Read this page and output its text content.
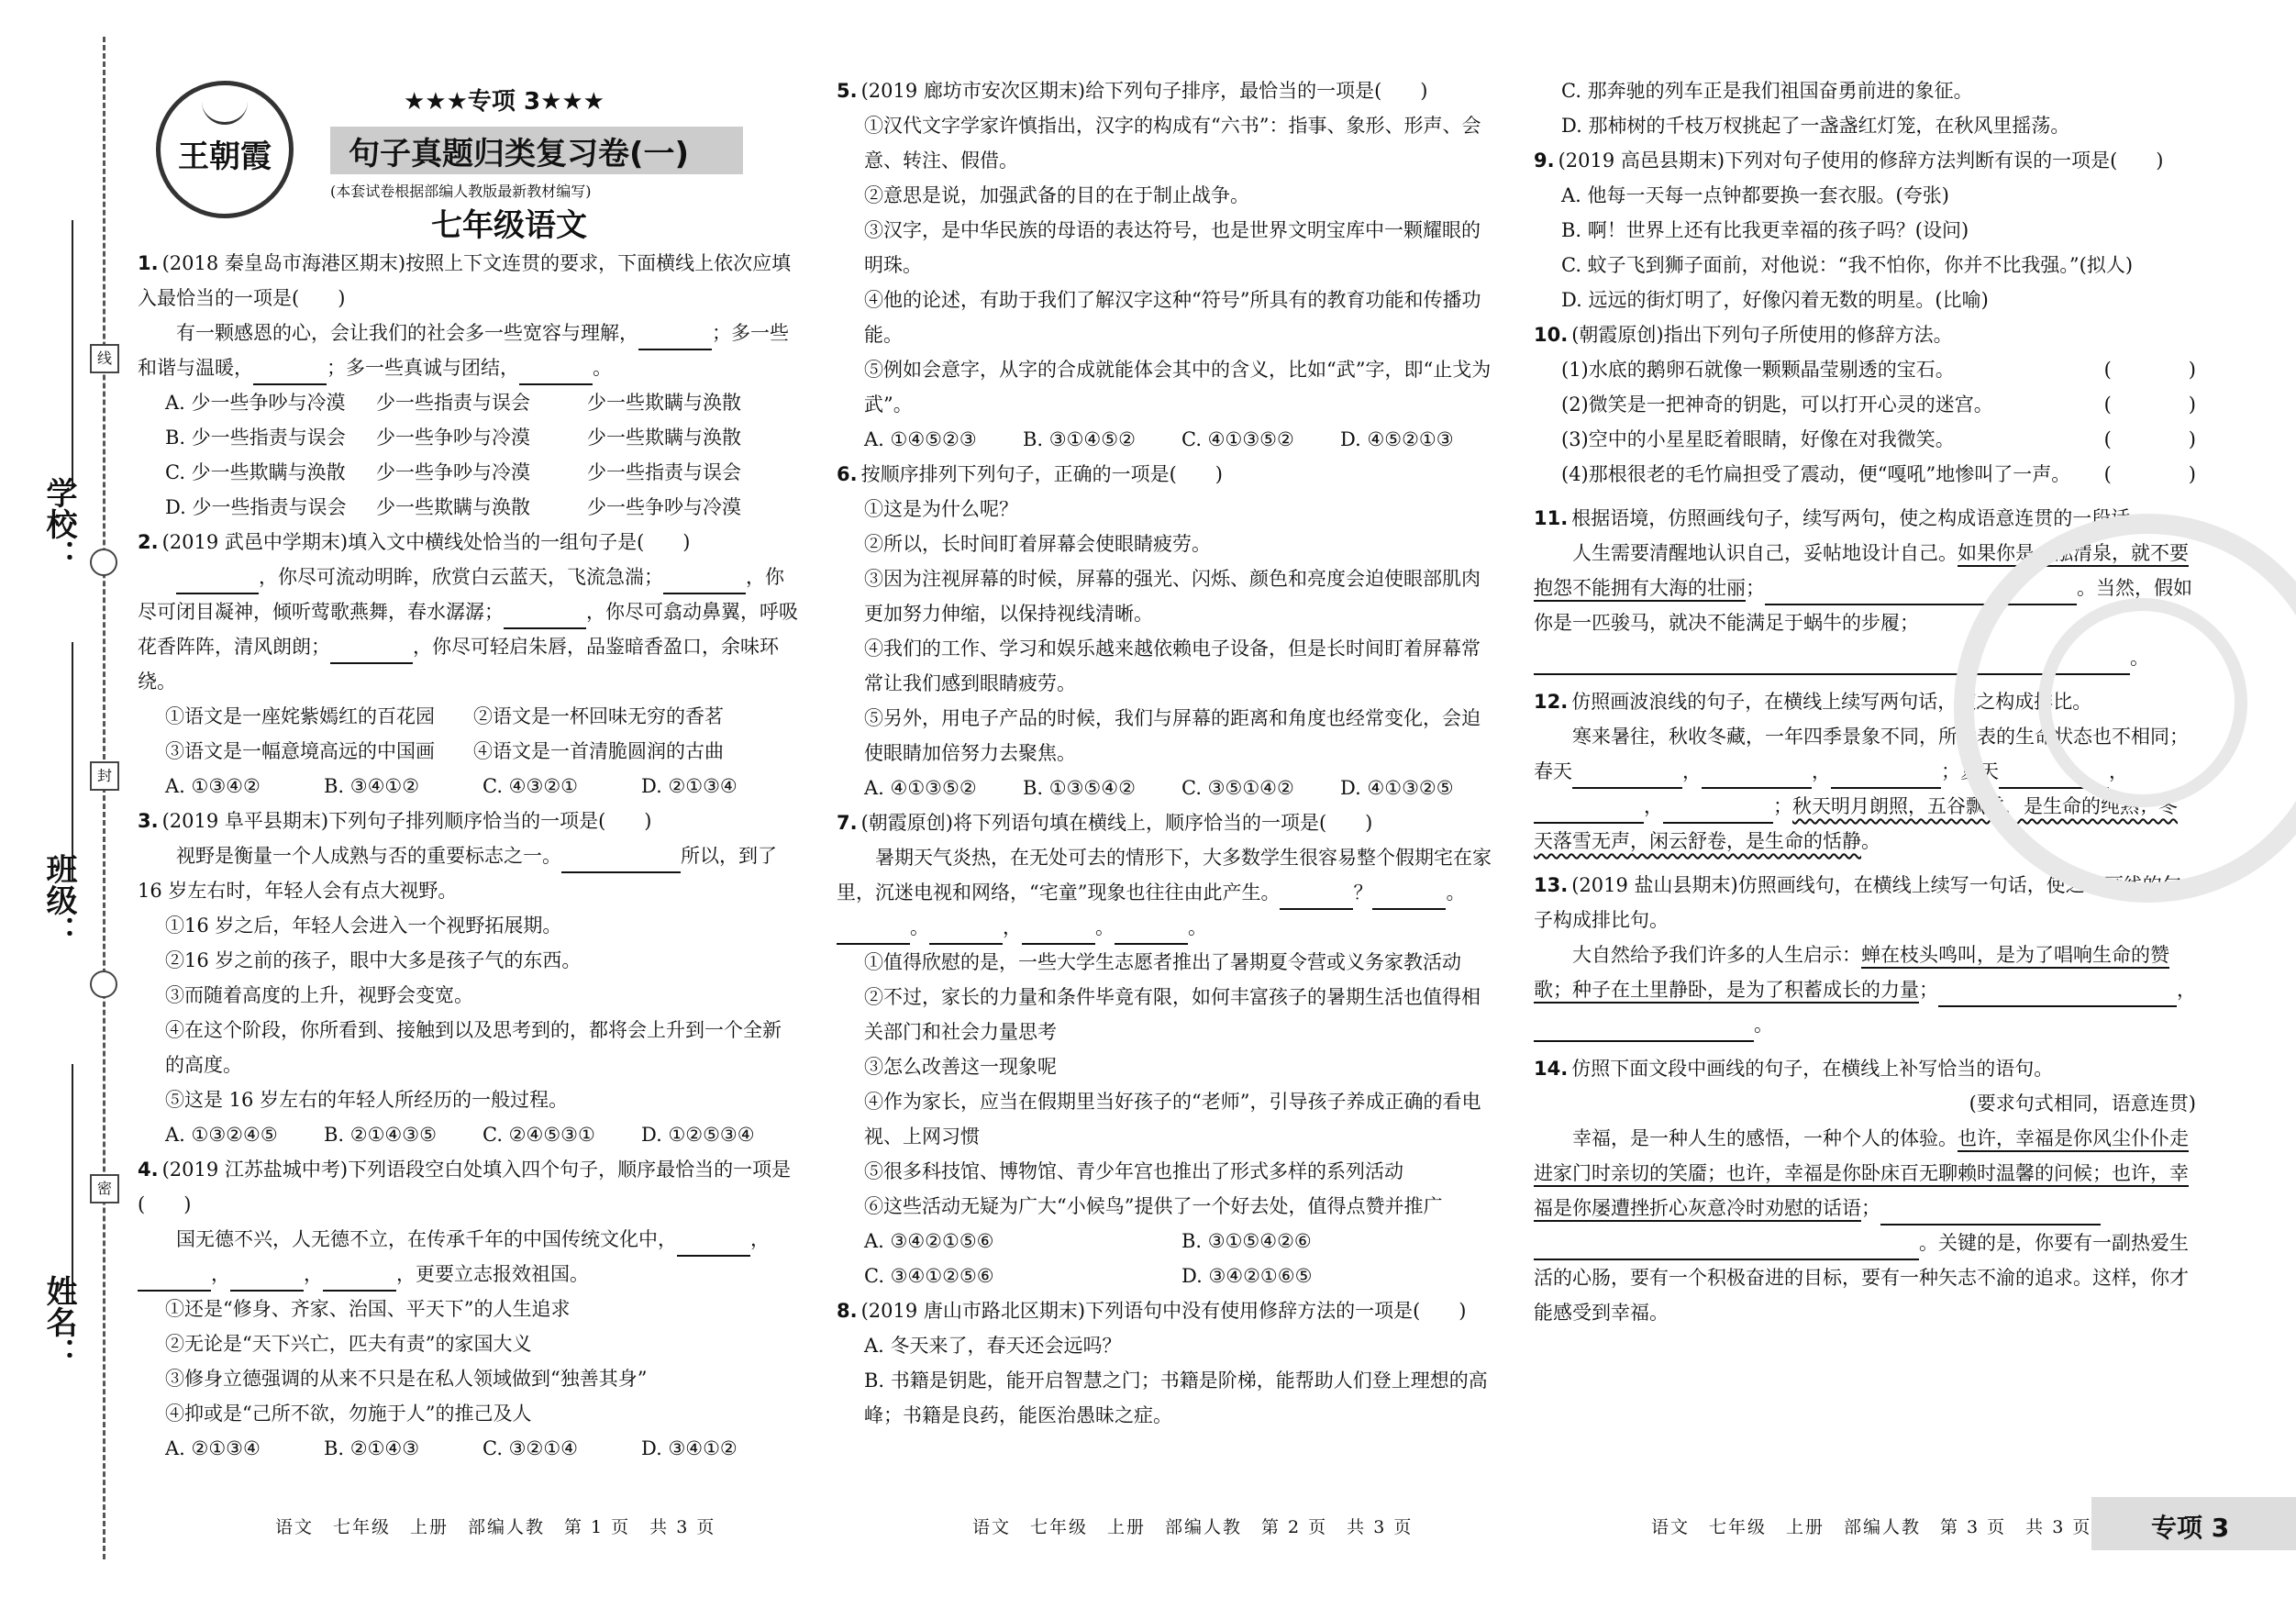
线
封
密
学校：
班级：
姓名：
王朝霞
★★★专项 3★★★
句子真题归类复习卷(一)
(本套试卷根据部编人教版最新教材编写)
七年级语文

1. (2018 秦皇岛市海港区期末)按照上下文连贯的要求，下面横线上依次应填入最恰当的一项是(　　)

有一颗感恩的心，会让我们的社会多一些宽容与理解，	；多一些和谐与温暖，	；多一些真诚与团结，	。

A. 少一些争吵与冷漠	少一些指责与误会	少一些欺瞒与涣散
B. 少一些指责与误会	少一些争吵与冷漠	少一些欺瞒与涣散
C. 少一些欺瞒与涣散	少一些争吵与冷漠	少一些指责与误会
D. 少一些指责与误会	少一些欺瞒与涣散	少一些争吵与冷漠

2. (2019 武邑中学期末)填入文中横线处恰当的一组句子是(　　)

，你尽可流动明眸，欣赏白云蓝天，飞流急湍；	，你尽可闭目凝神，倾听莺歌燕舞，春水潺潺；	，你尽可翕动鼻翼，呼吸花香阵阵，清风朗朗；	，你尽可轻启朱唇，品鉴暗香盈口，余味环绕。

①语文是一座姹紫嫣红的百花园　　②语文是一杯回味无穷的香茗

③语文是一幅意境高远的中国画　　④语文是一首清脆圆润的古曲

A. ①③④②	B. ③④①②	C. ④③②①	D. ②①③④

3. (2019 阜平县期末)下列句子排列顺序恰当的一项是(　　)

视野是衡量一个人成熟与否的重要标志之一。	所以，到了 16 岁左右时，年轻人会有点大视野。

①16 岁之后，年轻人会进入一个视野拓展期。

②16 岁之前的孩子，眼中大多是孩子气的东西。

③而随着高度的上升，视野会变宽。

④在这个阶段，你所看到、接触到以及思考到的，都将会上升到一个全新的高度。

⑤这是 16 岁左右的年轻人所经历的一般过程。

A. ①③②④⑤	B. ②①④③⑤	C. ②④⑤③①	D. ①②⑤③④

4. (2019 江苏盐城中考)下列语段空白处填入四个句子，顺序最恰当的一项是(　　)

国无德不兴，人无德不立，在传承千年的中国传统文化中，	，，	，	，更要立志报效祖国。

①还是“修身、齐家、治国、平天下”的人生追求

②无论是“天下兴亡，匹夫有责”的家国大义

③修身立德强调的从来不只是在私人领域做到“独善其身”

④抑或是“己所不欲，勿施于人”的推己及人

A. ②①③④	B. ②①④③	C. ③②①④	D. ③④①②

5. (2019 廊坊市安次区期末)给下列句子排序，最恰当的一项是(　　)

①汉代文字学家许慎指出，汉字的构成有“六书”：指事、象形、形声、会意、转注、假借。

②意思是说，加强武备的目的在于制止战争。

③汉字，是中华民族的母语的表达符号，也是世界文明宝库中一颗耀眼的明珠。

④他的论述，有助于我们了解汉字这种“符号”所具有的教育功能和传播功能。

⑤例如会意字，从字的合成就能体会其中的含义，比如“武”字，即“止戈为武”。

A. ①④⑤②③	B. ③①④⑤②	C. ④①③⑤②	D. ④⑤②①③

6. 按顺序排列下列句子，正确的一项是(　　)

①这是为什么呢？

②所以，长时间盯着屏幕会使眼睛疲劳。

③因为注视屏幕的时候，屏幕的强光、闪烁、颜色和亮度会迫使眼部肌肉更加努力伸缩，以保持视线清晰。

④我们的工作、学习和娱乐越来越依赖电子设备，但是长时间盯着屏幕常常让我们感到眼睛疲劳。

⑤另外，用电子产品的时候，我们与屏幕的距离和角度也经常变化，会迫使眼睛加倍努力去聚焦。

A. ④①③⑤②	B. ①③⑤④②	C. ③⑤①④②	D. ④①③②⑤

7. (朝霞原创)将下列语句填在横线上，顺序恰当的一项是(　　)

暑期天气炎热，在无处可去的情形下，大多数学生很容易整个假期宅在家里，沉迷电视和网络，“宅童”现象也往往由此产生。	？	。。	，	。	。

①值得欣慰的是，一些大学生志愿者推出了暑期夏令营或义务家教活动

②不过，家长的力量和条件毕竟有限，如何丰富孩子的暑期生活也值得相关部门和社会力量思考

③怎么改善这一现象呢

④作为家长，应当在假期里当好孩子的“老师”，引导孩子养成正确的看电视、上网习惯

⑤很多科技馆、博物馆、青少年宫也推出了形式多样的系列活动

⑥这些活动无疑为广大“小候鸟”提供了一个好去处，值得点赞并推广

A. ③④②①⑤⑥	B. ③①⑤④②⑥
C. ③④①②⑤⑥	D. ③④②①⑥⑤

8. (2019 唐山市路北区期末)下列语句中没有使用修辞方法的一项是(　　)

A. 冬天来了，春天还会远吗？

B. 书籍是钥匙，能开启智慧之门；书籍是阶梯，能帮助人们登上理想的高峰；书籍是良药，能医治愚昧之症。

C. 那奔驰的列车正是我们祖国奋勇前进的象征。

D. 那柿树的千枝万杈挑起了一盏盏红灯笼，在秋风里摇荡。

9. (2019 高邑县期末)下列对句子使用的修辞方法判断有误的一项是(　　)

A. 他每一天每一点钟都要换一套衣服。(夸张)

B. 啊！世界上还有比我更幸福的孩子吗？(设问)

C. 蚊子飞到狮子面前，对他说：“我不怕你，你并不比我强。”(拟人)

D. 远远的街灯明了，好像闪着无数的明星。(比喻)

10. (朝霞原创)指出下列句子所使用的修辞方法。

(1)水底的鹅卵石就像一颗颗晶莹剔透的宝石。	(　　　　)

(2)微笑是一把神奇的钥匙，可以打开心灵的迷宫。	(　　　　)

(3)空中的小星星眨着眼睛，好像在对我微笑。	(　　　　)

(4)那根很老的毛竹扁担受了震动，便“嘎吼”地惨叫了一声。 (　　　　)

11. 根据语境，仿照画线句子，续写两句，使之构成语意连贯的一段话。

人生需要清醒地认识自己，妥帖地设计自己。如果你是一泓清泉，就不要抱怨不能拥有大海的壮丽；	。当然，假如你是一匹骏马，就决不能满足于蜗牛的步履；。

12. 仿照画波浪线的句子，在横线上续写两句话，使之构成排比。

寒来暑往，秋收冬藏，一年四季景象不同，所代表的生命状态也不相同；春天	，	，	；夏天	，，	；秋天明月朗照，五谷飘香，是生命的纯熟；冬天落雪无声，闲云舒卷，是生命的恬静。

13. (2019 盐山县期末)仿照画线句，在横线上续写一句话，使之与画线的句子构成排比句。

大自然给予我们许多的人生启示：蝉在枝头鸣叫，是为了唱响生命的赞歌；种子在土里静卧，是为了积蓄成长的力量；	，。

14. 仿照下面文段中画线的句子，在横线上补写恰当的语句。

(要求句式相同，语意连贯)

幸福，是一种人生的感悟，一种个人的体验。也许，幸福是你风尘仆仆走进家门时亲切的笑靥；也许，幸福是你卧床百无聊赖时温馨的问候；也许，幸福是你屡遭挫折心灰意冷时劝慰的话语；。关键的是，你要有一副热爱生活的心肠，要有一个积极奋进的目标，要有一种矢志不渝的追求。这样，你才能感受到幸福。

语文　七年级　上册　部编人教　第 1 页　共 3 页	语文　七年级　上册　部编人教　第 2 页　共 3 页	语文　七年级　上册　部编人教　第 3 页　共 3 页 专项 3
